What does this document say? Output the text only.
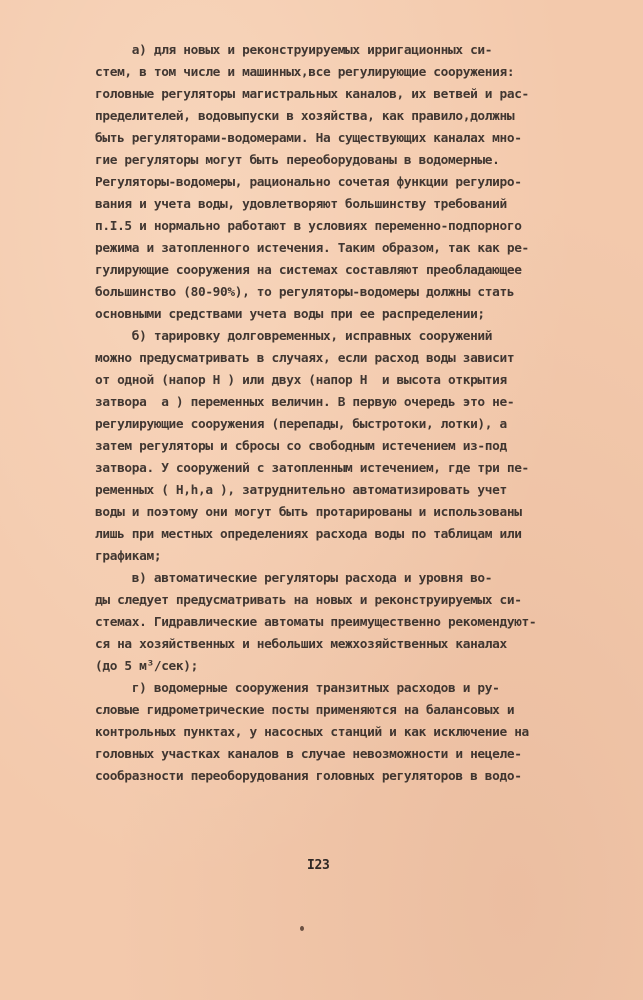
а) для новых и реконструируемых ирригационных си-
стем, в том числе и машинных,все регулирующие сооружения:
головные регуляторы магистральных каналов, их ветвей и рас-
пределителей, водовыпуски в хозяйства, как правило,должны
быть регуляторами-водомерами. На существующих каналах мно-
гие регуляторы могут быть переоборудованы в водомерные.
Регуляторы-водомеры, рационально сочетая функции регулиро-
вания и учета воды, удовлетворяют большинству требований
п.I.5 и нормально работают в условиях переменно-подпорного
режима и затопленного истечения. Таким образом, так как ре-
гулирующие сооружения на системах составляют преобладающее
большинство (80-90%), то регуляторы-водомеры должны стать
основными средствами учета воды при ее распределении;
б) тарировку долговременных, исправных сооружений
можно предусматривать в случаях, если расход воды зависит
от одной (напор H ) или двух (напор H  и высота открытия
затвора  a ) переменных величин. В первую очередь это не-
регулирующие сооружения (перепады, быстротоки, лотки), а
затем регуляторы и сбросы со свободным истечением из-под
затвора. У сооружений с затопленным истечением, где три пе-
ременных ( H,h,a ), затруднительно автоматизировать учет
воды и поэтому они могут быть протарированы и использованы
лишь при местных определениях расхода воды по таблицам или
графикам;
в) автоматические регуляторы расхода и уровня во-
ды следует предусматривать на новых и реконструируемых си-
стемах. Гидравлические автоматы преимущественно рекомендуют-
ся на хозяйственных и небольших межхозяйственных каналах
(до 5 м³/сек);
г) водомерные сооружения транзитных расходов и ру-
словые гидрометрические посты применяются на балансовых и
контрольных пунктах, у насосных станций и как исключение на
головных участках каналов в случае невозможности и нецеле-
сообразности переоборудования головных регуляторов в водо-
I23
